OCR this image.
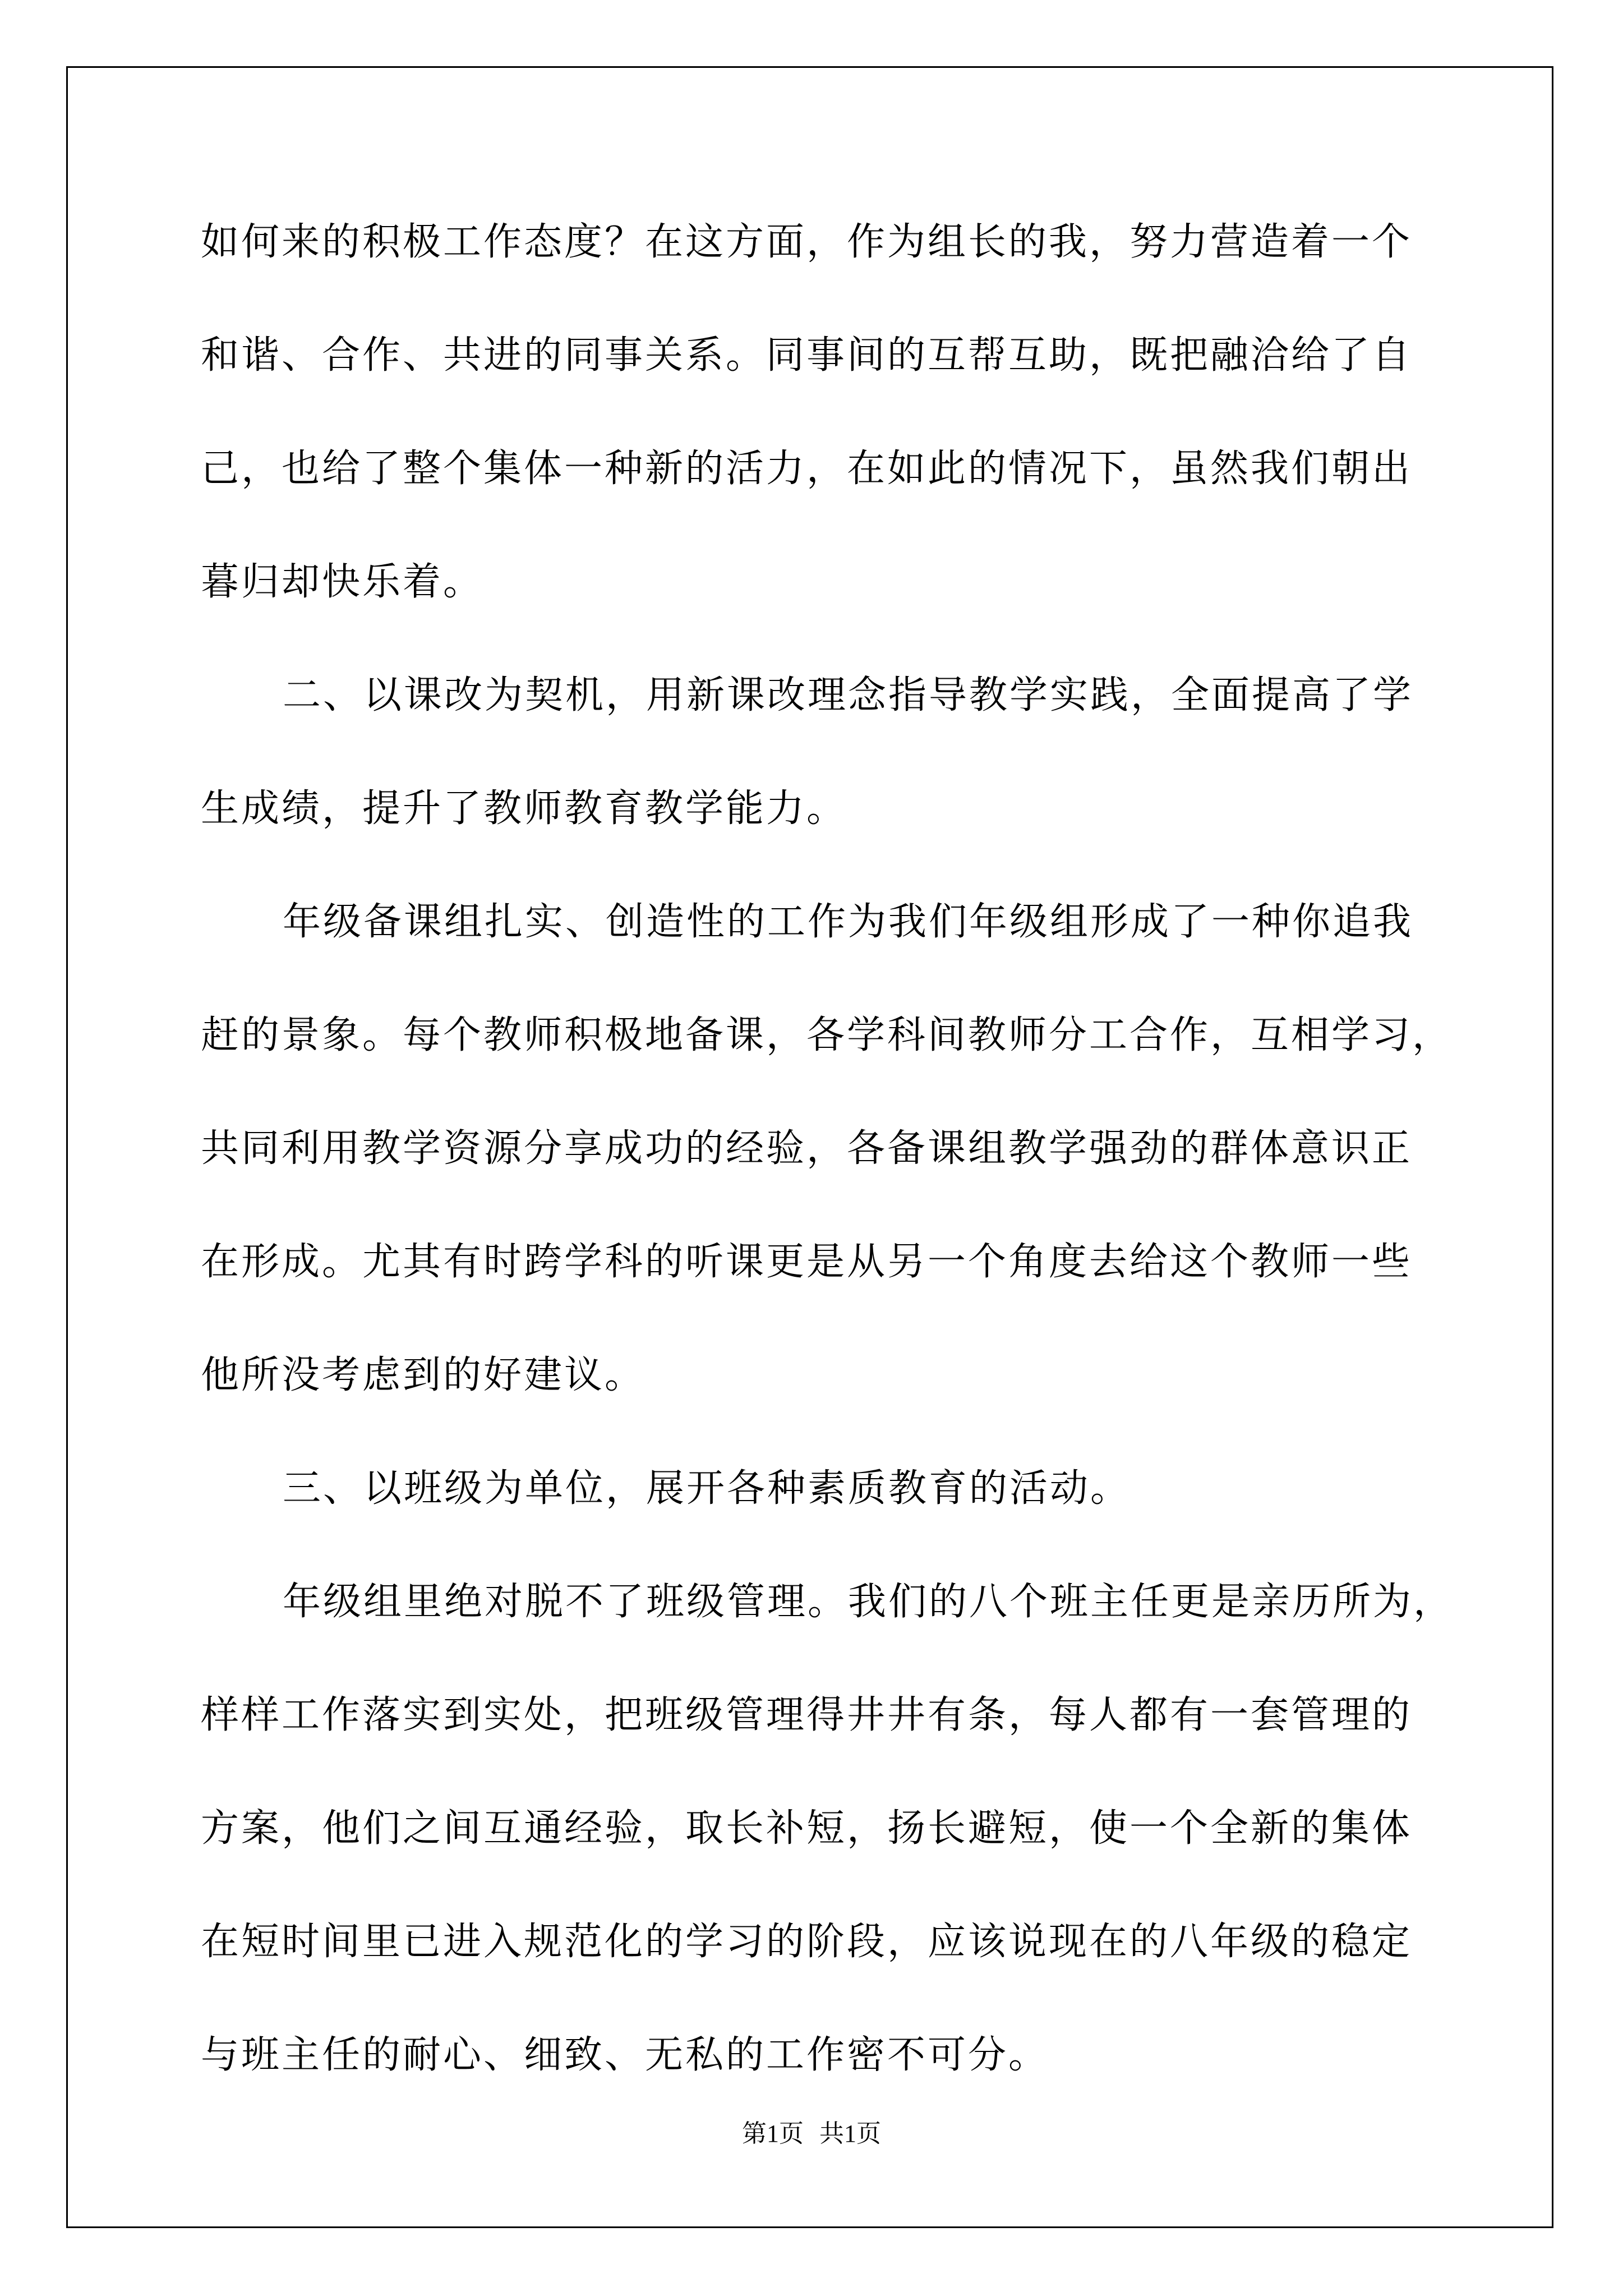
如何来的积极工作态度？在这方面，作为组长的我，努力营造着一个
和谐、合作、共进的同事关系。同事间的互帮互助，既把融洽给了自
己，也给了整个集体一种新的活力，在如此的情况下，虽然我们朝出
暮归却快乐着。
二、以课改为契机，用新课改理念指导教学实践，全面提高了学
生成绩，提升了教师教育教学能力。
年级备课组扎实、创造性的工作为我们年级组形成了一种你追我
赶的景象。每个教师积极地备课，各学科间教师分工合作，互相学习，
共同利用教学资源分享成功的经验，各备课组教学强劲的群体意识正
在形成。尤其有时跨学科的听课更是从另一个角度去给这个教师一些
他所没考虑到的好建议。
三、以班级为单位，展开各种素质教育的活动。
年级组里绝对脱不了班级管理。我们的八个班主任更是亲历所为，
样样工作落实到实处，把班级管理得井井有条，每人都有一套管理的
方案，他们之间互通经验，取长补短，扬长避短，使一个全新的集体
在短时间里已进入规范化的学习的阶段，应该说现在的八年级的稳定
与班主任的耐心、细致、无私的工作密不可分。
第1页 共1页
